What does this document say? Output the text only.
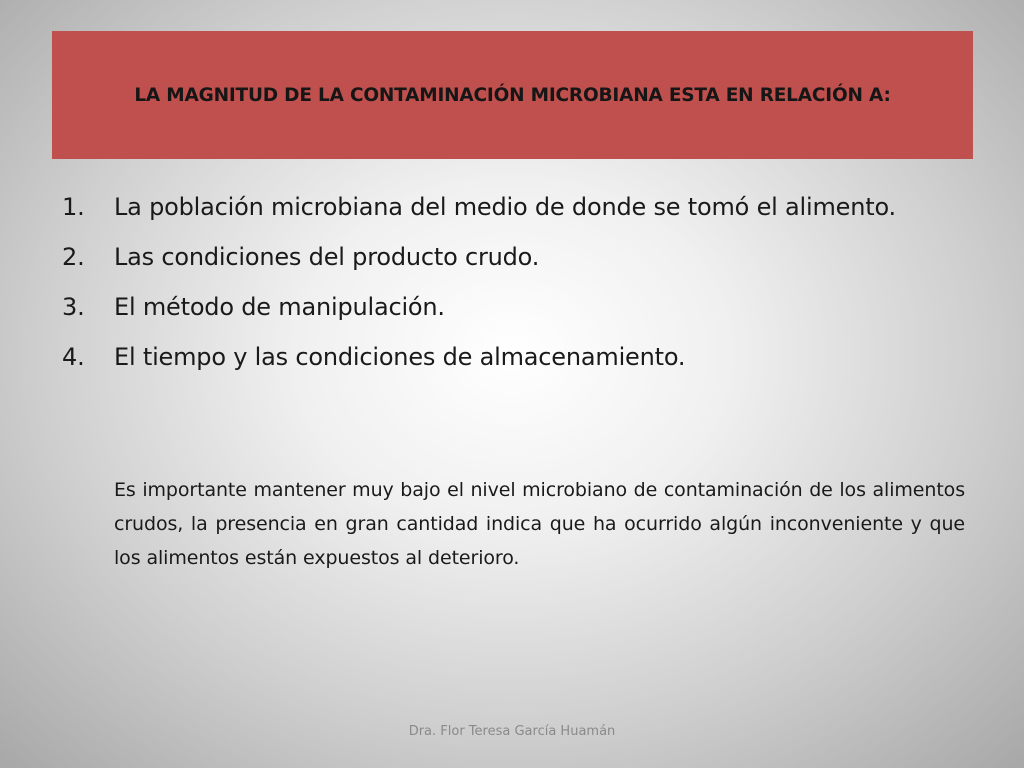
LA MAGNITUD DE LA CONTAMINACIÓN MICROBIANA ESTA EN RELACIÓN A:
1. La población microbiana del medio de donde se tomó el alimento.
2. Las condiciones del producto crudo.
3. El método de manipulación.
4. El tiempo y las condiciones de almacenamiento.

Es importante mantener muy bajo el nivel microbiano de contaminación de los alimentos crudos, la presencia en gran cantidad indica que ha ocurrido algún inconveniente y que los alimentos están expuestos al deterioro.

Dra. Flor Teresa García Huamán
